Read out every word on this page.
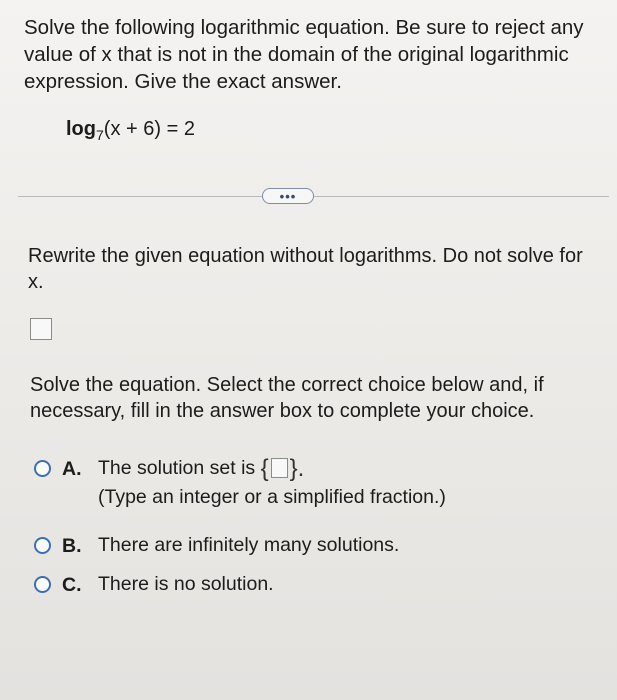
Solve the following logarithmic equation. Be sure to reject any value of x that is not in the domain of the original logarithmic expression. Give the exact answer.
$\log_7(x + 6) = 2$
•••
Rewrite the given equation without logarithms. Do not solve for x.
Solve the equation. Select the correct choice below and, if necessary, fill in the answer box to complete your choice.
A. The solution set is { }.
(Type an integer or a simplified fraction.)
B. There are infinitely many solutions.
C. There is no solution.
